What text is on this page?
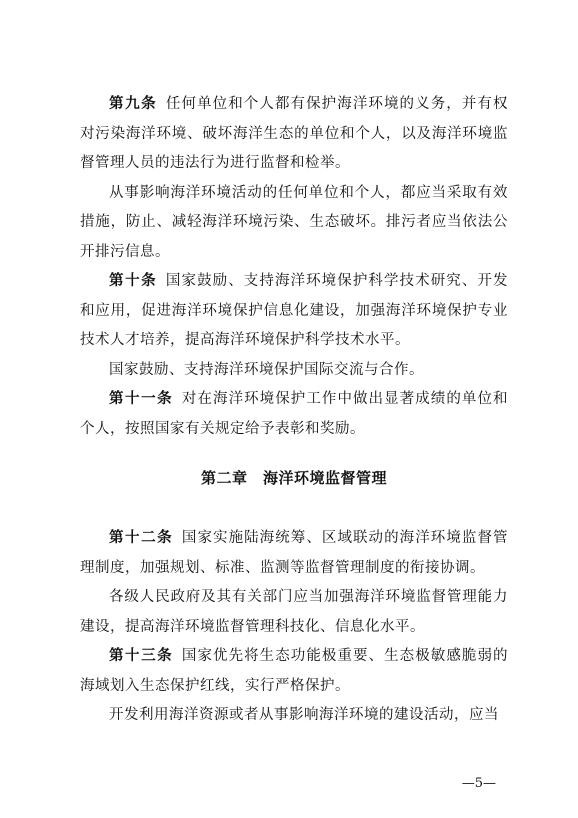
第九条 任何单位和个人都有保护海洋环境的义务，并有权对污染海洋环境、破坏海洋生态的单位和个人，以及海洋环境监督管理人员的违法行为进行监督和检举。

从事影响海洋环境活动的任何单位和个人，都应当采取有效措施，防止、减轻海洋环境污染、生态破坏。排污者应当依法公开排污信息。

第十条 国家鼓励、支持海洋环境保护科学技术研究、开发和应用，促进海洋环境保护信息化建设，加强海洋环境保护专业技术人才培养，提高海洋环境保护科学技术水平。

国家鼓励、支持海洋环境保护国际交流与合作。

第十一条 对在海洋环境保护工作中做出显著成绩的单位和个人，按照国家有关规定给予表彰和奖励。

第二章　海洋环境监督管理

第十二条 国家实施陆海统筹、区域联动的海洋环境监督管理制度，加强规划、标准、监测等监督管理制度的衔接协调。

各级人民政府及其有关部门应当加强海洋环境监督管理能力建设，提高海洋环境监督管理科技化、信息化水平。

第十三条 国家优先将生态功能极重要、生态极敏感脆弱的海域划入生态保护红线，实行严格保护。

开发利用海洋资源或者从事影响海洋环境的建设活动，应当

—5—
